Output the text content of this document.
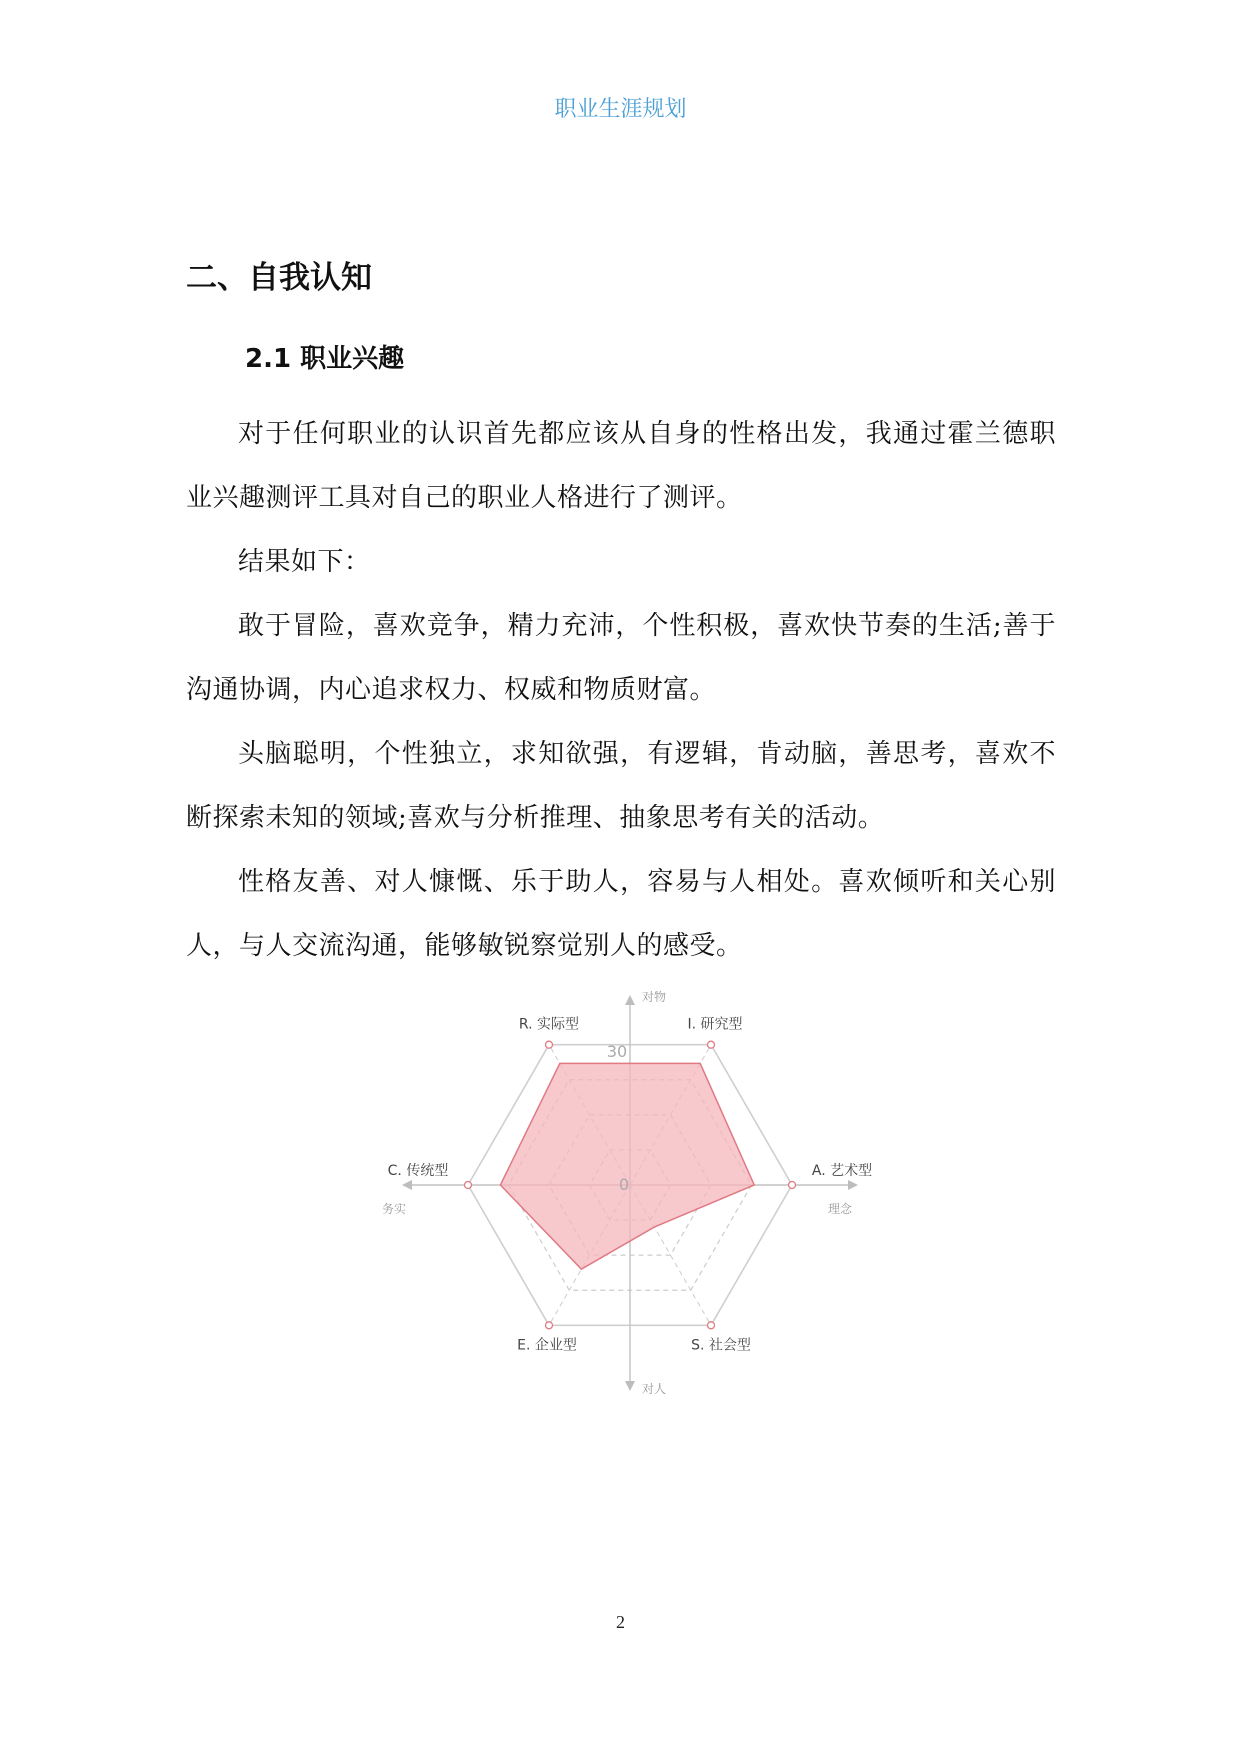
职业生涯规划
二、自我认知
2.1 职业兴趣

对于任何职业的认识首先都应该从自身的性格出发，我通过霍兰德职业兴趣测评工具对自己的职业人格进行了测评。

结果如下：

敢于冒险，喜欢竞争，精力充沛，个性积极，喜欢快节奏的生活;善于沟通协调，内心追求权力、权威和物质财富。

头脑聪明，个性独立，求知欲强，有逻辑，肯动脑，善思考，喜欢不断探索未知的领域;喜欢与分析推理、抽象思考有关的活动。

性格友善、对人慷慨、乐于助人，容易与人相处。喜欢倾听和关心别人，与人交流沟通，能够敏锐察觉别人的感受。

R. 实际型	I. 研究型
A. 艺术型
S. 社会型
E. 企业型
C. 传统型
0
30
对物
对人
务实	理念
2
